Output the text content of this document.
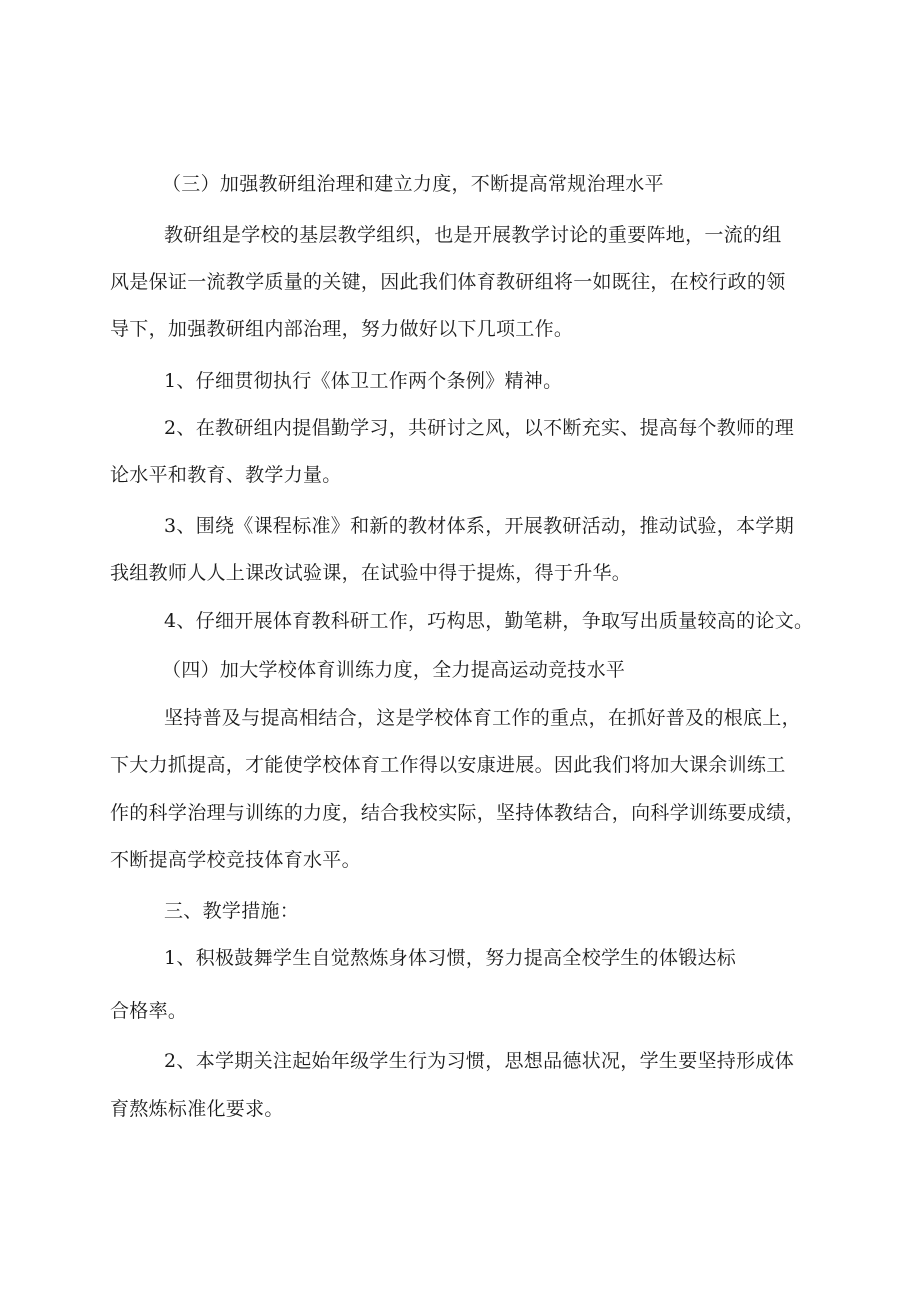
（三）加强教研组治理和建立力度，不断提高常规治理水平
教研组是学校的基层教学组织，也是开展教学讨论的重要阵地，一流的组
风是保证一流教学质量的关键，因此我们体育教研组将一如既往，在校行政的领
导下，加强教研组内部治理，努力做好以下几项工作。
1、仔细贯彻执行《体卫工作两个条例》精神。
2、在教研组内提倡勤学习，共研讨之风，以不断充实、提高每个教师的理
论水平和教育、教学力量。
3、围绕《课程标准》和新的教材体系，开展教研活动，推动试验，本学期
我组教师人人上课改试验课，在试验中得于提炼，得于升华。
4、仔细开展体育教科研工作，巧构思，勤笔耕，争取写出质量较高的论文。
（四）加大学校体育训练力度，全力提高运动竞技水平
坚持普及与提高相结合，这是学校体育工作的重点，在抓好普及的根底上，
下大力抓提高，才能使学校体育工作得以安康进展。因此我们将加大课余训练工
作的科学治理与训练的力度，结合我校实际，坚持体教结合，向科学训练要成绩，
不断提高学校竞技体育水平。
三、教学措施：
1、积极鼓舞学生自觉熬炼身体习惯，努力提高全校学生的体锻达标
合格率。
2、本学期关注起始年级学生行为习惯，思想品德状况，学生要坚持形成体
育熬炼标准化要求。
